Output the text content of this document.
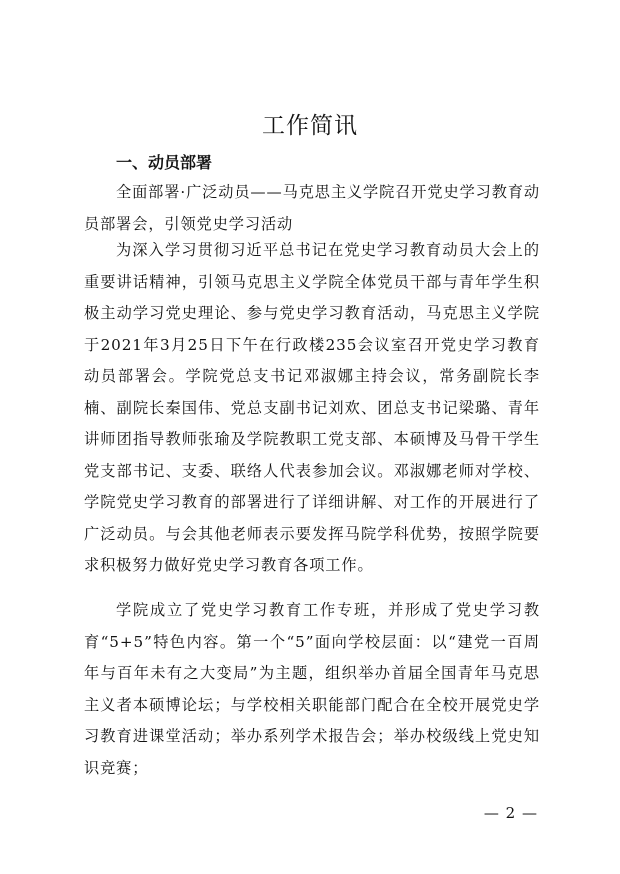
工作简讯
一、动员部署

全面部署·广泛动员——马克思主义学院召开党史学习教育动员部署会，引领党史学习活动

为深入学习贯彻习近平总书记在党史学习教育动员大会上的重要讲话精神，引领马克思主义学院全体党员干部与青年学生积极主动学习党史理论、参与党史学习教育活动，马克思主义学院于2021年3月25日下午在行政楼235会议室召开党史学习教育动员部署会。学院党总支书记邓淑娜主持会议，常务副院长李楠、副院长秦国伟、党总支副书记刘欢、团总支书记梁璐、青年讲师团指导教师张瑜及学院教职工党支部、本硕博及马骨干学生党支部书记、支委、联络人代表参加会议。邓淑娜老师对学校、学院党史学习教育的部署进行了详细讲解、对工作的开展进行了广泛动员。与会其他老师表示要发挥马院学科优势，按照学院要求积极努力做好党史学习教育各项工作。

学院成立了党史学习教育工作专班，并形成了党史学习教育“5+5”特色内容。第一个“5”面向学校层面：以“建党一百周年与百年未有之大变局”为主题，组织举办首届全国青年马克思主义者本硕博论坛；与学校相关职能部门配合在全校开展党史学习教育进课堂活动；举办系列学术报告会；举办校级线上党史知识竞赛；

— 2 —
